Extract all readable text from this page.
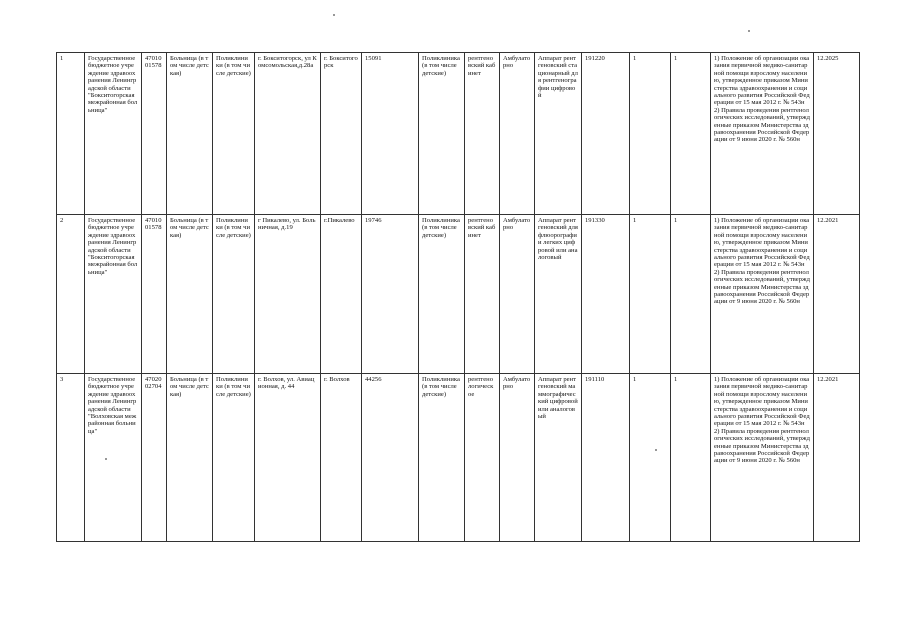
1	Государственное бюджетное учреждение здравоохранения Ленинградской области "Бокситогорская межрайонная больница"	47010 01578	Больница (в том числе детская)	Поликлиники (в том числе детские)	г. Бокситогорск, ул Комсомольская,д.28а	г. Бокситогорск	15091	Поликлиника (в том числе детские)	рентгеновский кабинет	Амбулаторно	Аппарат рентгеновский стационарный для рентгенографии цифровой	191220	1	1	1) Положение об организации оказания первичной медико-санитарной помощи взрослому населению, утвержденное приказом Министерства здравоохранения и социального развития Российской Федерации от 15 мая 2012 г. № 543н 2) Правила проведения рентгенологических исследований, утвержденные приказом Министерства здравоохранения Российской Федерации от 9 июня 2020 г. № 560н	12.2025
2	Государственное бюджетное учреждение здравоохранения Ленинградской области "Бокситогорская межрайонная больница"	47010 01578	Больница (в том числе детская)	Поликлиники (в том числе детские)	г Пикалево, ул. Больничная, д.19	г.Пикалево	19746	Поликлиника (в том числе детские)	рентгеновский кабинет	Амбулаторно	Аппарат рентгеновский для флюорографии легких цифровой или аналоговый	191330	1	1	1) Положение об организации оказания первичной медико-санитарной помощи взрослому населению, утвержденное приказом Министерства здравоохранения и социального развития Российской Федерации от 15 мая 2012 г. № 543н 2) Правила проведения рентгенологических исследований, утвержденные приказом Министерства здравоохранения Российской Федерации от 9 июня 2020 г. № 560н	12.2021
3	Государственное бюджетное учреждение здравоохранения Ленинградской области "Волховская межрайонная больница"	47020 02704	Больница (в том числе детская)	Поликлиники (в том числе детские)	г. Волхов, ул. Авиационная, д. 44	г. Волхов	44256	Поликлиника (в том числе детские)	рентгенологическое	Амбулаторно	Аппарат рентгеновский маммографический цифровой или аналоговый	191110	1	1	1) Положение об организации оказания первичной медико-санитарной помощи взрослому населению, утвержденное приказом Министерства здравоохранения и социального развития Российской Федерации от 15 мая 2012 г. № 543н 2) Правила проведения рентгенологических исследований, утвержденные приказом Министерства здравоохранения Российской Федерации от 9 июня 2020 г. № 560н	12.2021
